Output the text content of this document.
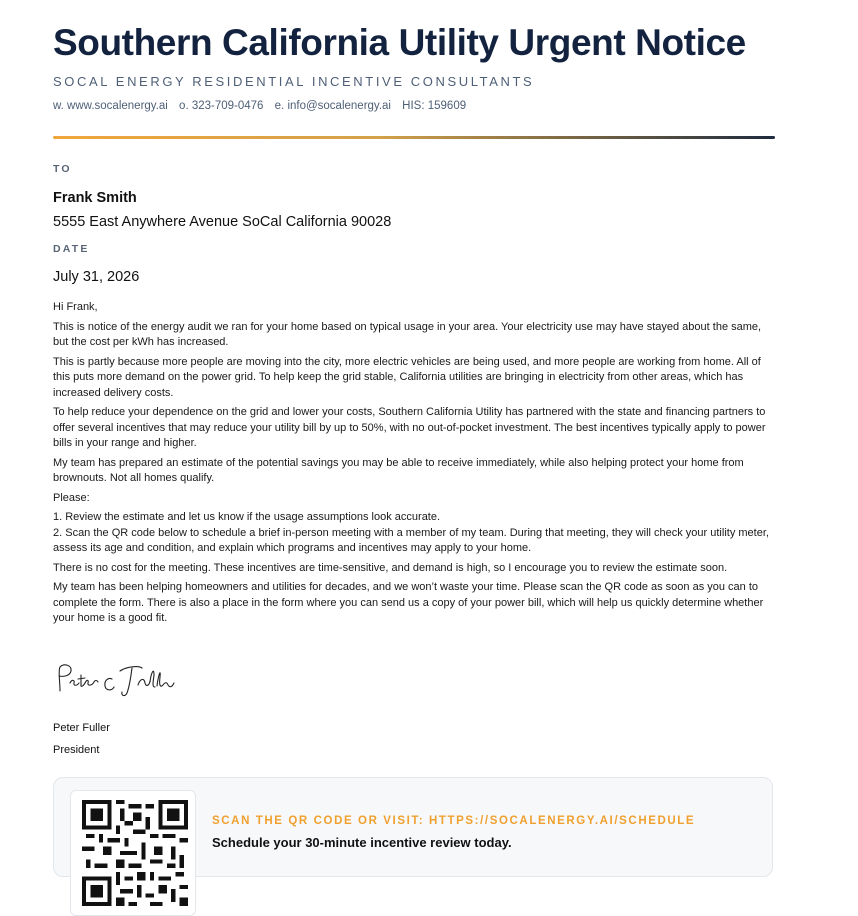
Southern California Utility Urgent Notice
SOCAL ENERGY RESIDENTIAL INCENTIVE CONSULTANTS
w. www.socalenergy.ai o. 323-709-0476 e. info@socalenergy.ai HIS: 159609
TO
Frank Smith
5555 East Anywhere Avenue SoCal California 90028
DATE
July 31, 2026

Hi Frank,

This is notice of the energy audit we ran for your home based on typical usage in your area. Your electricity use may have stayed about the same, but the cost per kWh has increased.

This is partly because more people are moving into the city, more electric vehicles are being used, and more people are working from home. All of this puts more demand on the power grid. To help keep the grid stable, California utilities are bringing in electricity from other areas, which has increased delivery costs.

To help reduce your dependence on the grid and lower your costs, Southern California Utility has partnered with the state and financing partners to offer several incentives that may reduce your utility bill by up to 50%, with no out-of-pocket investment. The best incentives typically apply to power bills in your range and higher.

My team has prepared an estimate of the potential savings you may be able to receive immediately, while also helping protect your home from brownouts. Not all homes qualify.

Please:

1. Review the estimate and let us know if the usage assumptions look accurate.

2. Scan the QR code below to schedule a brief in-person meeting with a member of my team. During that meeting, they will check your utility meter, assess its age and condition, and explain which programs and incentives may apply to your home.

There is no cost for the meeting. These incentives are time-sensitive, and demand is high, so I encourage you to review the estimate soon.

My team has been helping homeowners and utilities for decades, and we won’t waste your time. Please scan the QR code as soon as you can to complete the form. There is also a place in the form where you can send us a copy of your power bill, which will help us quickly determine whether your home is a good fit.

Peter Fuller
President
SCAN THE QR CODE OR VISIT: HTTPS://SOCALENERGY.AI/SCHEDULE
Schedule your 30-minute incentive review today.
